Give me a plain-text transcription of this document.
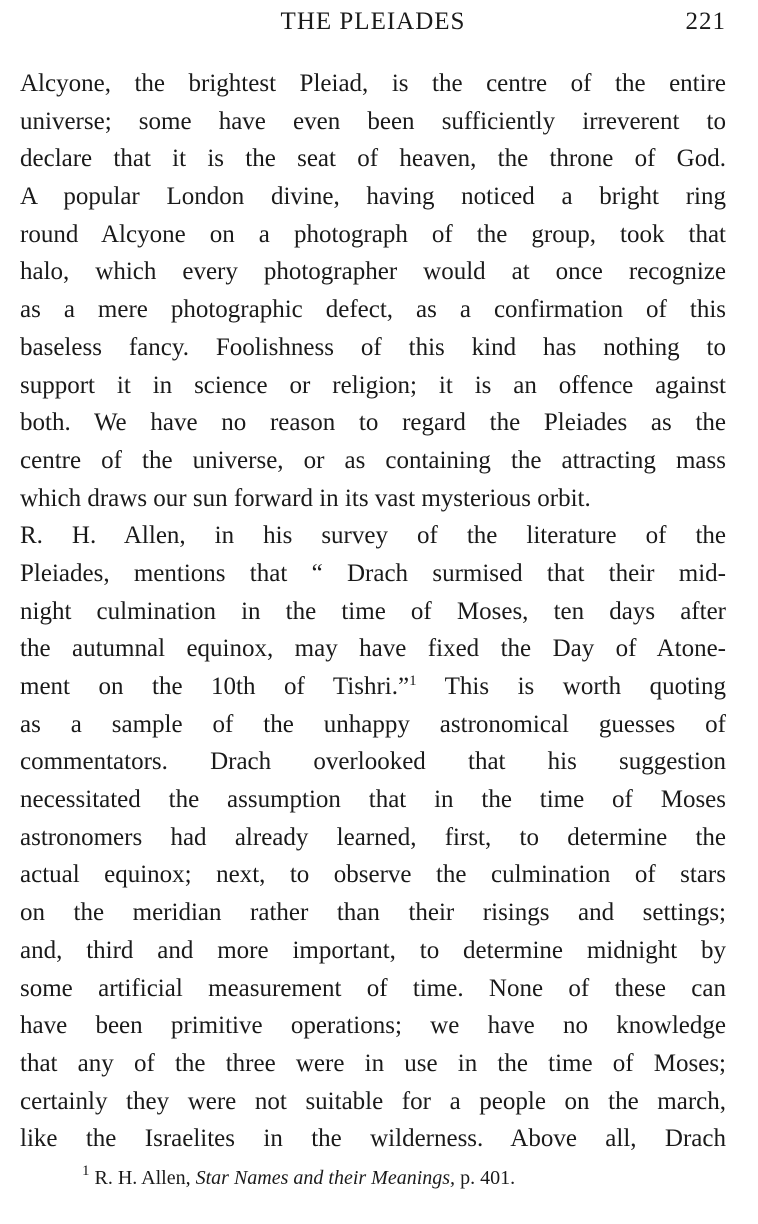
THE PLEIADES	221
Alcyone, the brightest Pleiad, is the centre of the entire
universe; some have even been sufficiently irreverent to
declare that it is the seat of heaven, the throne of God.
A popular London divine, having noticed a bright ring
round Alcyone on a photograph of the group, took that
halo, which every photographer would at once recognize
as a mere photographic defect, as a confirmation of this
baseless fancy. Foolishness of this kind has nothing to
support it in science or religion; it is an offence against
both. We have no reason to regard the Pleiades as the
centre of the universe, or as containing the attracting mass
which draws our sun forward in its vast mysterious orbit.
R. H. Allen, in his survey of the literature of the
Pleiades, mentions that “ Drach surmised that their mid-
night culmination in the time of Moses, ten days after
the autumnal equinox, may have fixed the Day of Atone-
ment on the 10th of Tishri.”$^1$ This is worth quoting
as a sample of the unhappy astronomical guesses of
commentators. Drach overlooked that his suggestion
necessitated the assumption that in the time of Moses
astronomers had already learned, first, to determine the
actual equinox; next, to observe the culmination of stars
on the meridian rather than their risings and settings;
and, third and more important, to determine midnight by
some artificial measurement of time. None of these can
have been primitive operations; we have no knowledge
that any of the three were in use in the time of Moses;
certainly they were not suitable for a people on the march,
like the Israelites in the wilderness. Above all, Drach
$^1$ R. H. Allen, Star Names and their Meanings, p. 401.
